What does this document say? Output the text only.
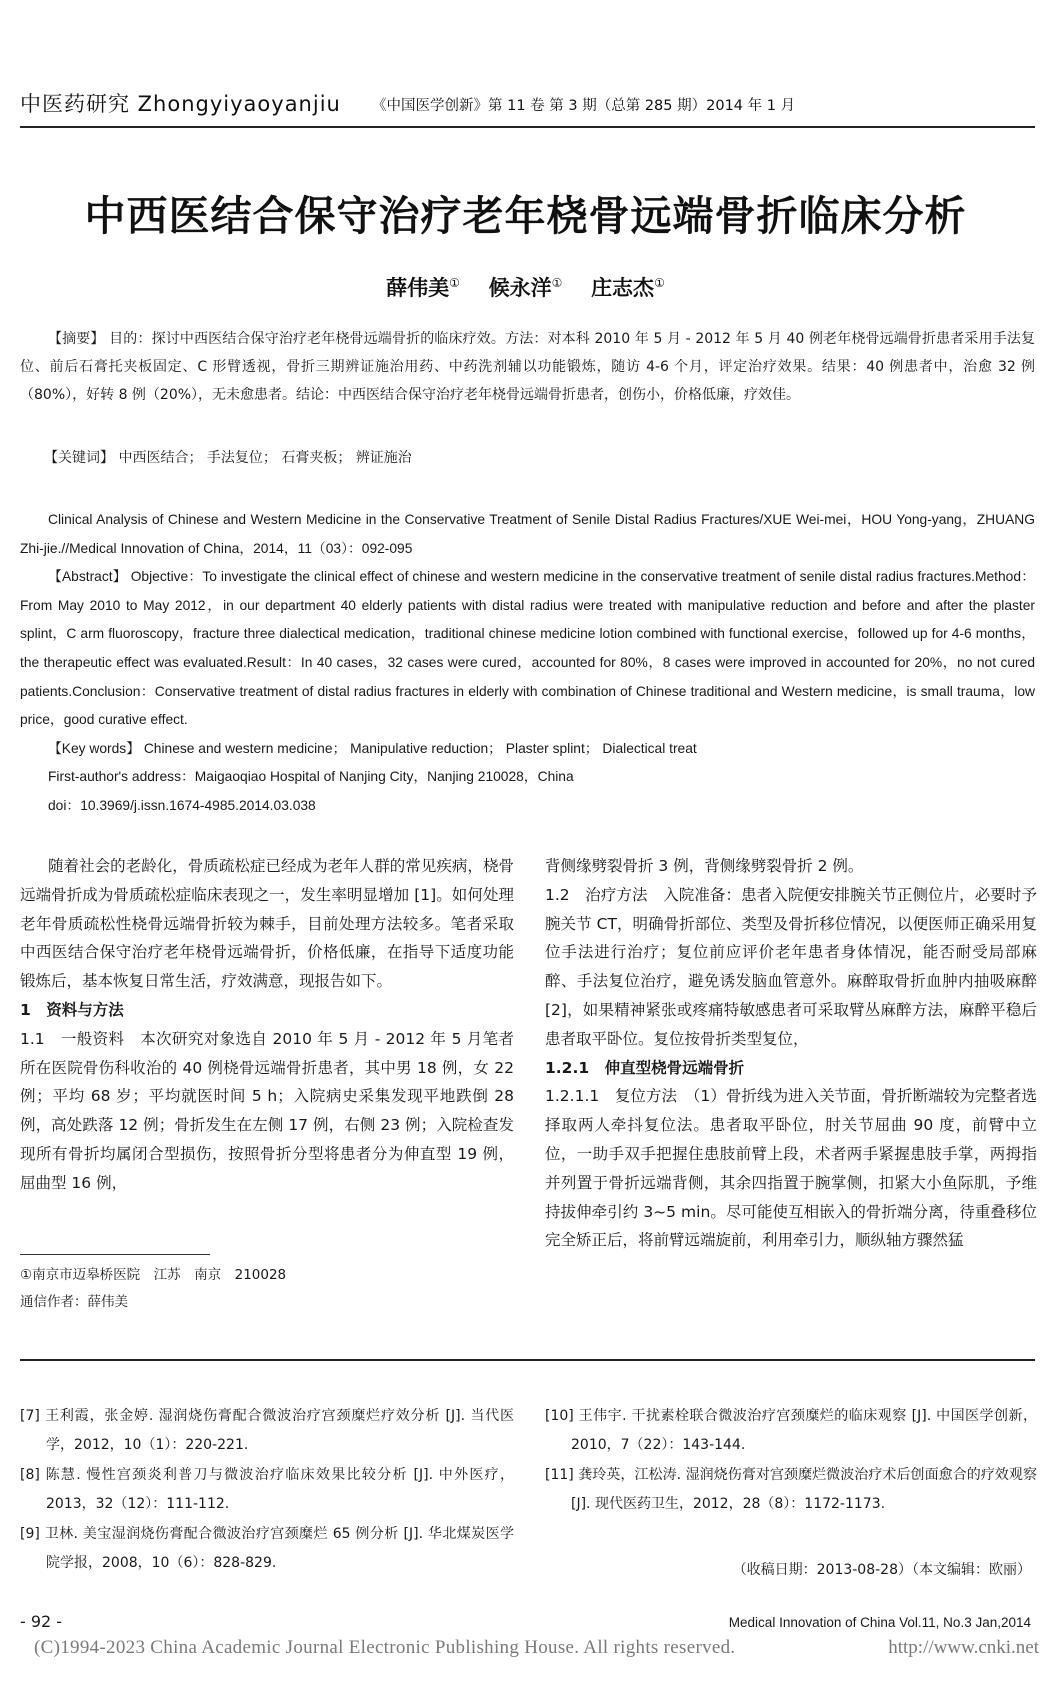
中医药研究 Zhongyiyaoyanjiu 《中国医学创新》第 11 卷 第 3 期（总第 285 期）2014 年 1 月
中西医结合保守治疗老年桡骨远端骨折临床分析
薛伟美① 候永洋① 庄志杰①
【摘要】 目的：探讨中西医结合保守治疗老年桡骨远端骨折的临床疗效。方法：对本科 2010 年 5 月 - 2012 年 5 月 40 例老年桡骨远端骨折患者采用手法复位、前后石膏托夹板固定、C 形臂透视，骨折三期辨证施治用药、中药洗剂辅以功能锻炼，随访 4-6 个月，评定治疗效果。结果：40 例患者中，治愈 32 例（80%），好转 8 例（20%），无未愈患者。结论：中西医结合保守治疗老年桡骨远端骨折患者，创伤小，价格低廉，疗效佳。
【关键词】 中西医结合； 手法复位； 石膏夹板； 辨证施治
Clinical Analysis of Chinese and Western Medicine in the Conservative Treatment of Senile Distal Radius Fractures/XUE Wei-mei，HOU Yong-yang，ZHUANG Zhi-jie.//Medical Innovation of China，2014，11（03）：092-095
【Abstract】 Objective：To investigate the clinical effect of chinese and western medicine in the conservative treatment of senile distal radius fractures.Method：From May 2010 to May 2012，in our department 40 elderly patients with distal radius were treated with manipulative reduction and before and after the plaster splint，C arm fluoroscopy，fracture three dialectical medication，traditional chinese medicine lotion combined with functional exercise，followed up for 4-6 months，the therapeutic effect was evaluated.Result：In 40 cases，32 cases were cured，accounted for 80%，8 cases were improved in accounted for 20%，no not cured patients.Conclusion：Conservative treatment of distal radius fractures in elderly with combination of Chinese traditional and Western medicine，is small trauma，low price，good curative effect.
【Key words】 Chinese and western medicine； Manipulative reduction； Plaster splint； Dialectical treat
First-author's address：Maigaoqiao Hospital of Nanjing City，Nanjing 210028，China
doi：10.3969/j.issn.1674-4985.2014.03.038

随着社会的老龄化，骨质疏松症已经成为老年人群的常见疾病，桡骨远端骨折成为骨质疏松症临床表现之一，发生率明显增加 [1]。如何处理老年骨质疏松性桡骨远端骨折较为棘手，目前处理方法较多。笔者采取中西医结合保守治疗老年桡骨远端骨折，价格低廉，在指导下适度功能锻炼后，基本恢复日常生活，疗效满意，现报告如下。

1　资料与方法

1.1　一般资料　本次研究对象选自 2010 年 5 月 - 2012 年 5 月笔者所在医院骨伤科收治的 40 例桡骨远端骨折患者，其中男 18 例，女 22 例；平均 68 岁；平均就医时间 5 h；入院病史采集发现平地跌倒 28 例，高处跌落 12 例；骨折发生在左侧 17 例，右侧 23 例；入院检查发现所有骨折均属闭合型损伤，按照骨折分型将患者分为伸直型 19 例，屈曲型 16 例，

背侧缘劈裂骨折 3 例，背侧缘劈裂骨折 2 例。

1.2　治疗方法　入院准备：患者入院便安排腕关节正侧位片，必要时予腕关节 CT，明确骨折部位、类型及骨折移位情况，以便医师正确采用复位手法进行治疗；复位前应评价老年患者身体情况，能否耐受局部麻醉、手法复位治疗，避免诱发脑血管意外。麻醉取骨折血肿内抽吸麻醉 [2]，如果精神紧张或疼痛特敏感患者可采取臂丛麻醉方法，麻醉平稳后患者取平卧位。复位按骨折类型复位，

1.2.1　伸直型桡骨远端骨折

1.2.1.1　复位方法　（1）骨折线为进入关节面，骨折断端较为完整者选择取两人牵抖复位法。患者取平卧位，肘关节屈曲 90 度，前臂中立位，一助手双手把握住患肢前臂上段，术者两手紧握患肢手掌，两拇指并列置于骨折远端背侧，其余四指置于腕掌侧，扣紧大小鱼际肌，予维持拔伸牵引约 3~5 min。尽可能使互相嵌入的骨折端分离，待重叠移位完全矫正后，将前臂远端旋前，利用牵引力，顺纵轴方骤然猛

①南京市迈皋桥医院　江苏　南京　210028
通信作者：薛伟美
[7] 王利霞，张金婷. 湿润烧伤膏配合微波治疗宫颈糜烂疗效分析 [J]. 当代医学，2012，10（1）：220-221.
[8] 陈慧. 慢性宫颈炎利普刀与微波治疗临床效果比较分析 [J]. 中外医疗，2013，32（12）：111-112.
[9] 卫林. 美宝湿润烧伤膏配合微波治疗宫颈糜烂 65 例分析 [J]. 华北煤炭医学院学报，2008，10（6）：828-829.
[10] 王伟宇. 干扰素栓联合微波治疗宫颈糜烂的临床观察 [J]. 中国医学创新，2010，7（22）：143-144.
[11] 龚玲英，江松涛. 湿润烧伤膏对宫颈糜烂微波治疗术后创面愈合的疗效观察 [J]. 现代医药卫生，2012，28（8）：1172-1173.
（收稿日期：2013-08-28）（本文编辑：欧丽）
- 92 -	Medical Innovation of China Vol.11, No.3 Jan,2014
(C)1994-2023 China Academic Journal Electronic Publishing House. All rights reserved.	http://www.cnki.net
